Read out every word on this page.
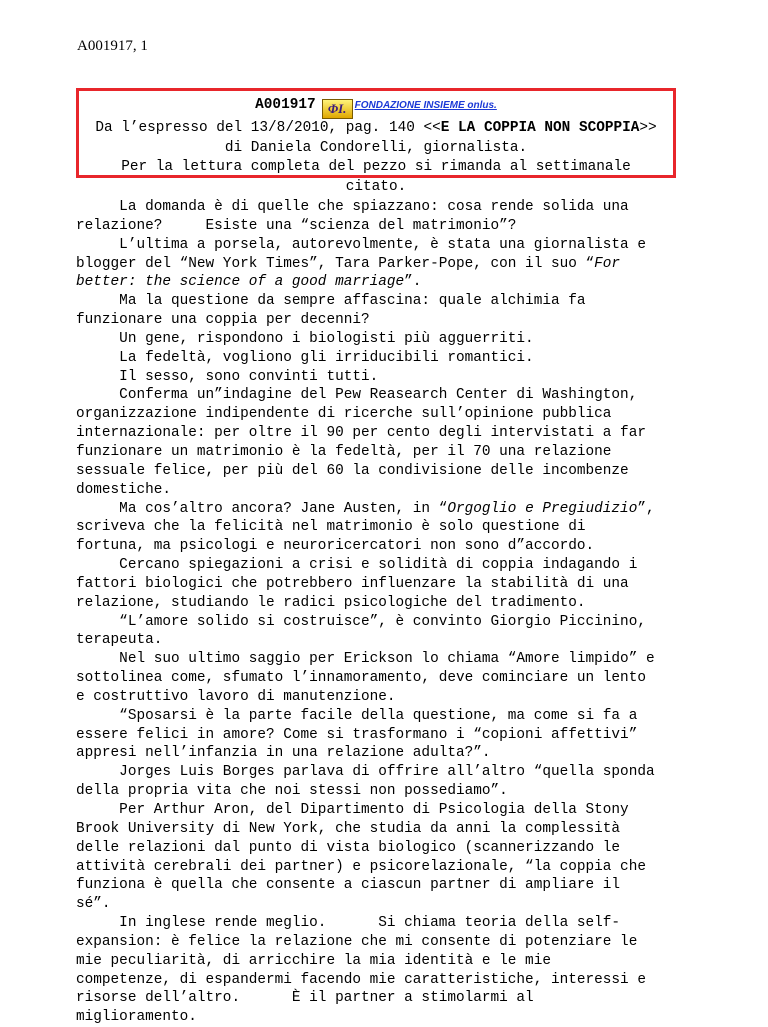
A001917, 1
A001917 ΦI. FONDAZIONE INSIEME onlus.
Da l’espresso del 13/8/2010, pag. 140 <<E LA COPPIA NON SCOPPIA>>
di Daniela Condorelli, giornalista.
Per la lettura completa del pezzo si rimanda al settimanale
citato.
La domanda è di quelle che spiazzano: cosa rende solida una
relazione?     Esiste una “scienza del matrimonio”?
L’ultima a porsela, autorevolmente, è stata una giornalista e
blogger del “New York Times”, Tara Parker-Pope, con il suo “For
better: the science of a good marriage”.
Ma la questione da sempre affascina: quale alchimia fa
funzionare una coppia per decenni?
Un gene, rispondono i biologisti più agguerriti.
La fedeltà, vogliono gli irriducibili romantici.
Il sesso, sono convinti tutti.
Conferma un”indagine del Pew Reasearch Center di Washington,
organizzazione indipendente di ricerche sull’opinione pubblica
internazionale: per oltre il 90 per cento degli intervistati a far
funzionare un matrimonio è la fedeltà, per il 70 una relazione
sessuale felice, per più del 60 la condivisione delle incombenze
domestiche.
Ma cos’altro ancora? Jane Austen, in “Orgoglio e Pregiudizio”,
scriveva che la felicità nel matrimonio è solo questione di
fortuna, ma psicologi e neuroricercatori non sono d”accordo.
Cercano spiegazioni a crisi e solidità di coppia indagando i
fattori biologici che potrebbero influenzare la stabilità di una
relazione, studiando le radici psicologiche del tradimento.
“L’amore solido si costruisce”, è convinto Giorgio Piccinino,
terapeuta.
Nel suo ultimo saggio per Erickson lo chiama “Amore limpido” e
sottolinea come, sfumato l’innamoramento, deve cominciare un lento
e costruttivo lavoro di manutenzione.
“Sposarsi è la parte facile della questione, ma come si fa a
essere felici in amore? Come si trasformano i “copioni affettivi”
appresi nell’infanzia in una relazione adulta?”.
Jorges Luis Borges parlava di offrire all’altro “quella sponda
della propria vita che noi stessi non possediamo”.
Per Arthur Aron, del Dipartimento di Psicologia della Stony
Brook University di New York, che studia da anni la complessità
delle relazioni dal punto di vista biologico (scannerizzando le
attività cerebrali dei partner) e psicorelazionale, “la coppia che
funziona è quella che consente a ciascun partner di ampliare il
sé”.
In inglese rende meglio.      Si chiama teoria della self-
expansion: è felice la relazione che mi consente di potenziare le
mie peculiarità, di arricchire la mia identità e le mie
competenze, di espandermi facendo mie caratteristiche, interessi e
risorse dell’altro.      È il partner a stimolarmi al
miglioramento.
